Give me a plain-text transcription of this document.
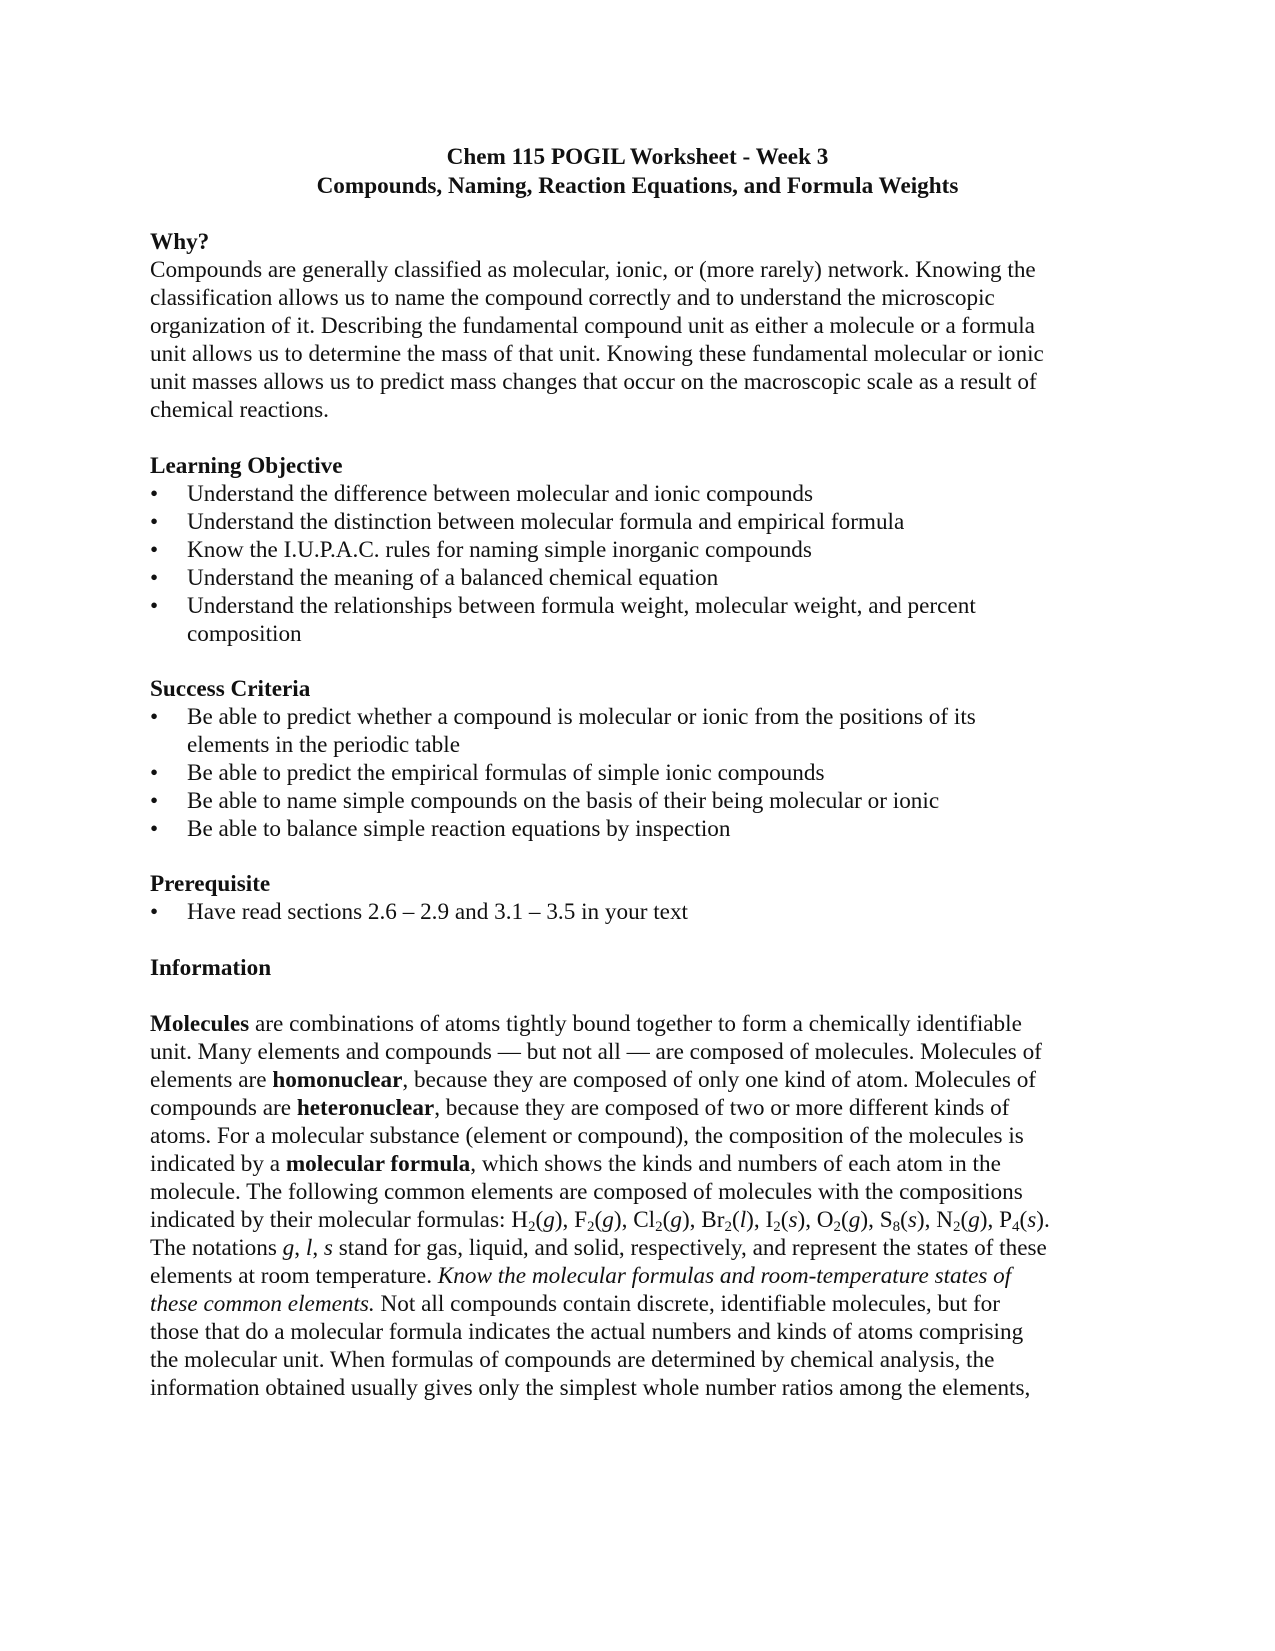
Chem 115 POGIL Worksheet - Week 3
Compounds, Naming, Reaction Equations, and Formula Weights
Why?
Compounds are generally classified as molecular, ionic, or (more rarely) network. Knowing the
classification allows us to name the compound correctly and to understand the microscopic
organization of it. Describing the fundamental compound unit as either a molecule or a formula
unit allows us to determine the mass of that unit. Knowing these fundamental molecular or ionic
unit masses allows us to predict mass changes that occur on the macroscopic scale as a result of
chemical reactions.
Learning Objective
• Understand the difference between molecular and ionic compounds
• Understand the distinction between molecular formula and empirical formula
• Know the I.U.P.A.C. rules for naming simple inorganic compounds
• Understand the meaning of a balanced chemical equation
• Understand the relationships between formula weight, molecular weight, and percent
composition
Success Criteria
• Be able to predict whether a compound is molecular or ionic from the positions of its
elements in the periodic table
• Be able to predict the empirical formulas of simple ionic compounds
• Be able to name simple compounds on the basis of their being molecular or ionic
• Be able to balance simple reaction equations by inspection
Prerequisite
• Have read sections 2.6 – 2.9 and 3.1 – 3.5 in your text
Information
Molecules are combinations of atoms tightly bound together to form a chemically identifiable
unit. Many elements and compounds — but not all — are composed of molecules. Molecules of
elements are homonuclear, because they are composed of only one kind of atom. Molecules of
compounds are heteronuclear, because they are composed of two or more different kinds of
atoms. For a molecular substance (element or compound), the composition of the molecules is
indicated by a molecular formula, which shows the kinds and numbers of each atom in the
molecule. The following common elements are composed of molecules with the compositions
indicated by their molecular formulas: $H_2(g)$, $F_2(g)$, $Cl_2(g)$, $Br_2(l)$, $I_2(s)$, $O_2(g)$, $S_8(s)$, $N_2(g)$, $P_4(s)$.
The notations g, l, s stand for gas, liquid, and solid, respectively, and represent the states of these
elements at room temperature. Know the molecular formulas and room-temperature states of
these common elements. Not all compounds contain discrete, identifiable molecules, but for
those that do a molecular formula indicates the actual numbers and kinds of atoms comprising
the molecular unit. When formulas of compounds are determined by chemical analysis, the
information obtained usually gives only the simplest whole number ratios among the elements,
